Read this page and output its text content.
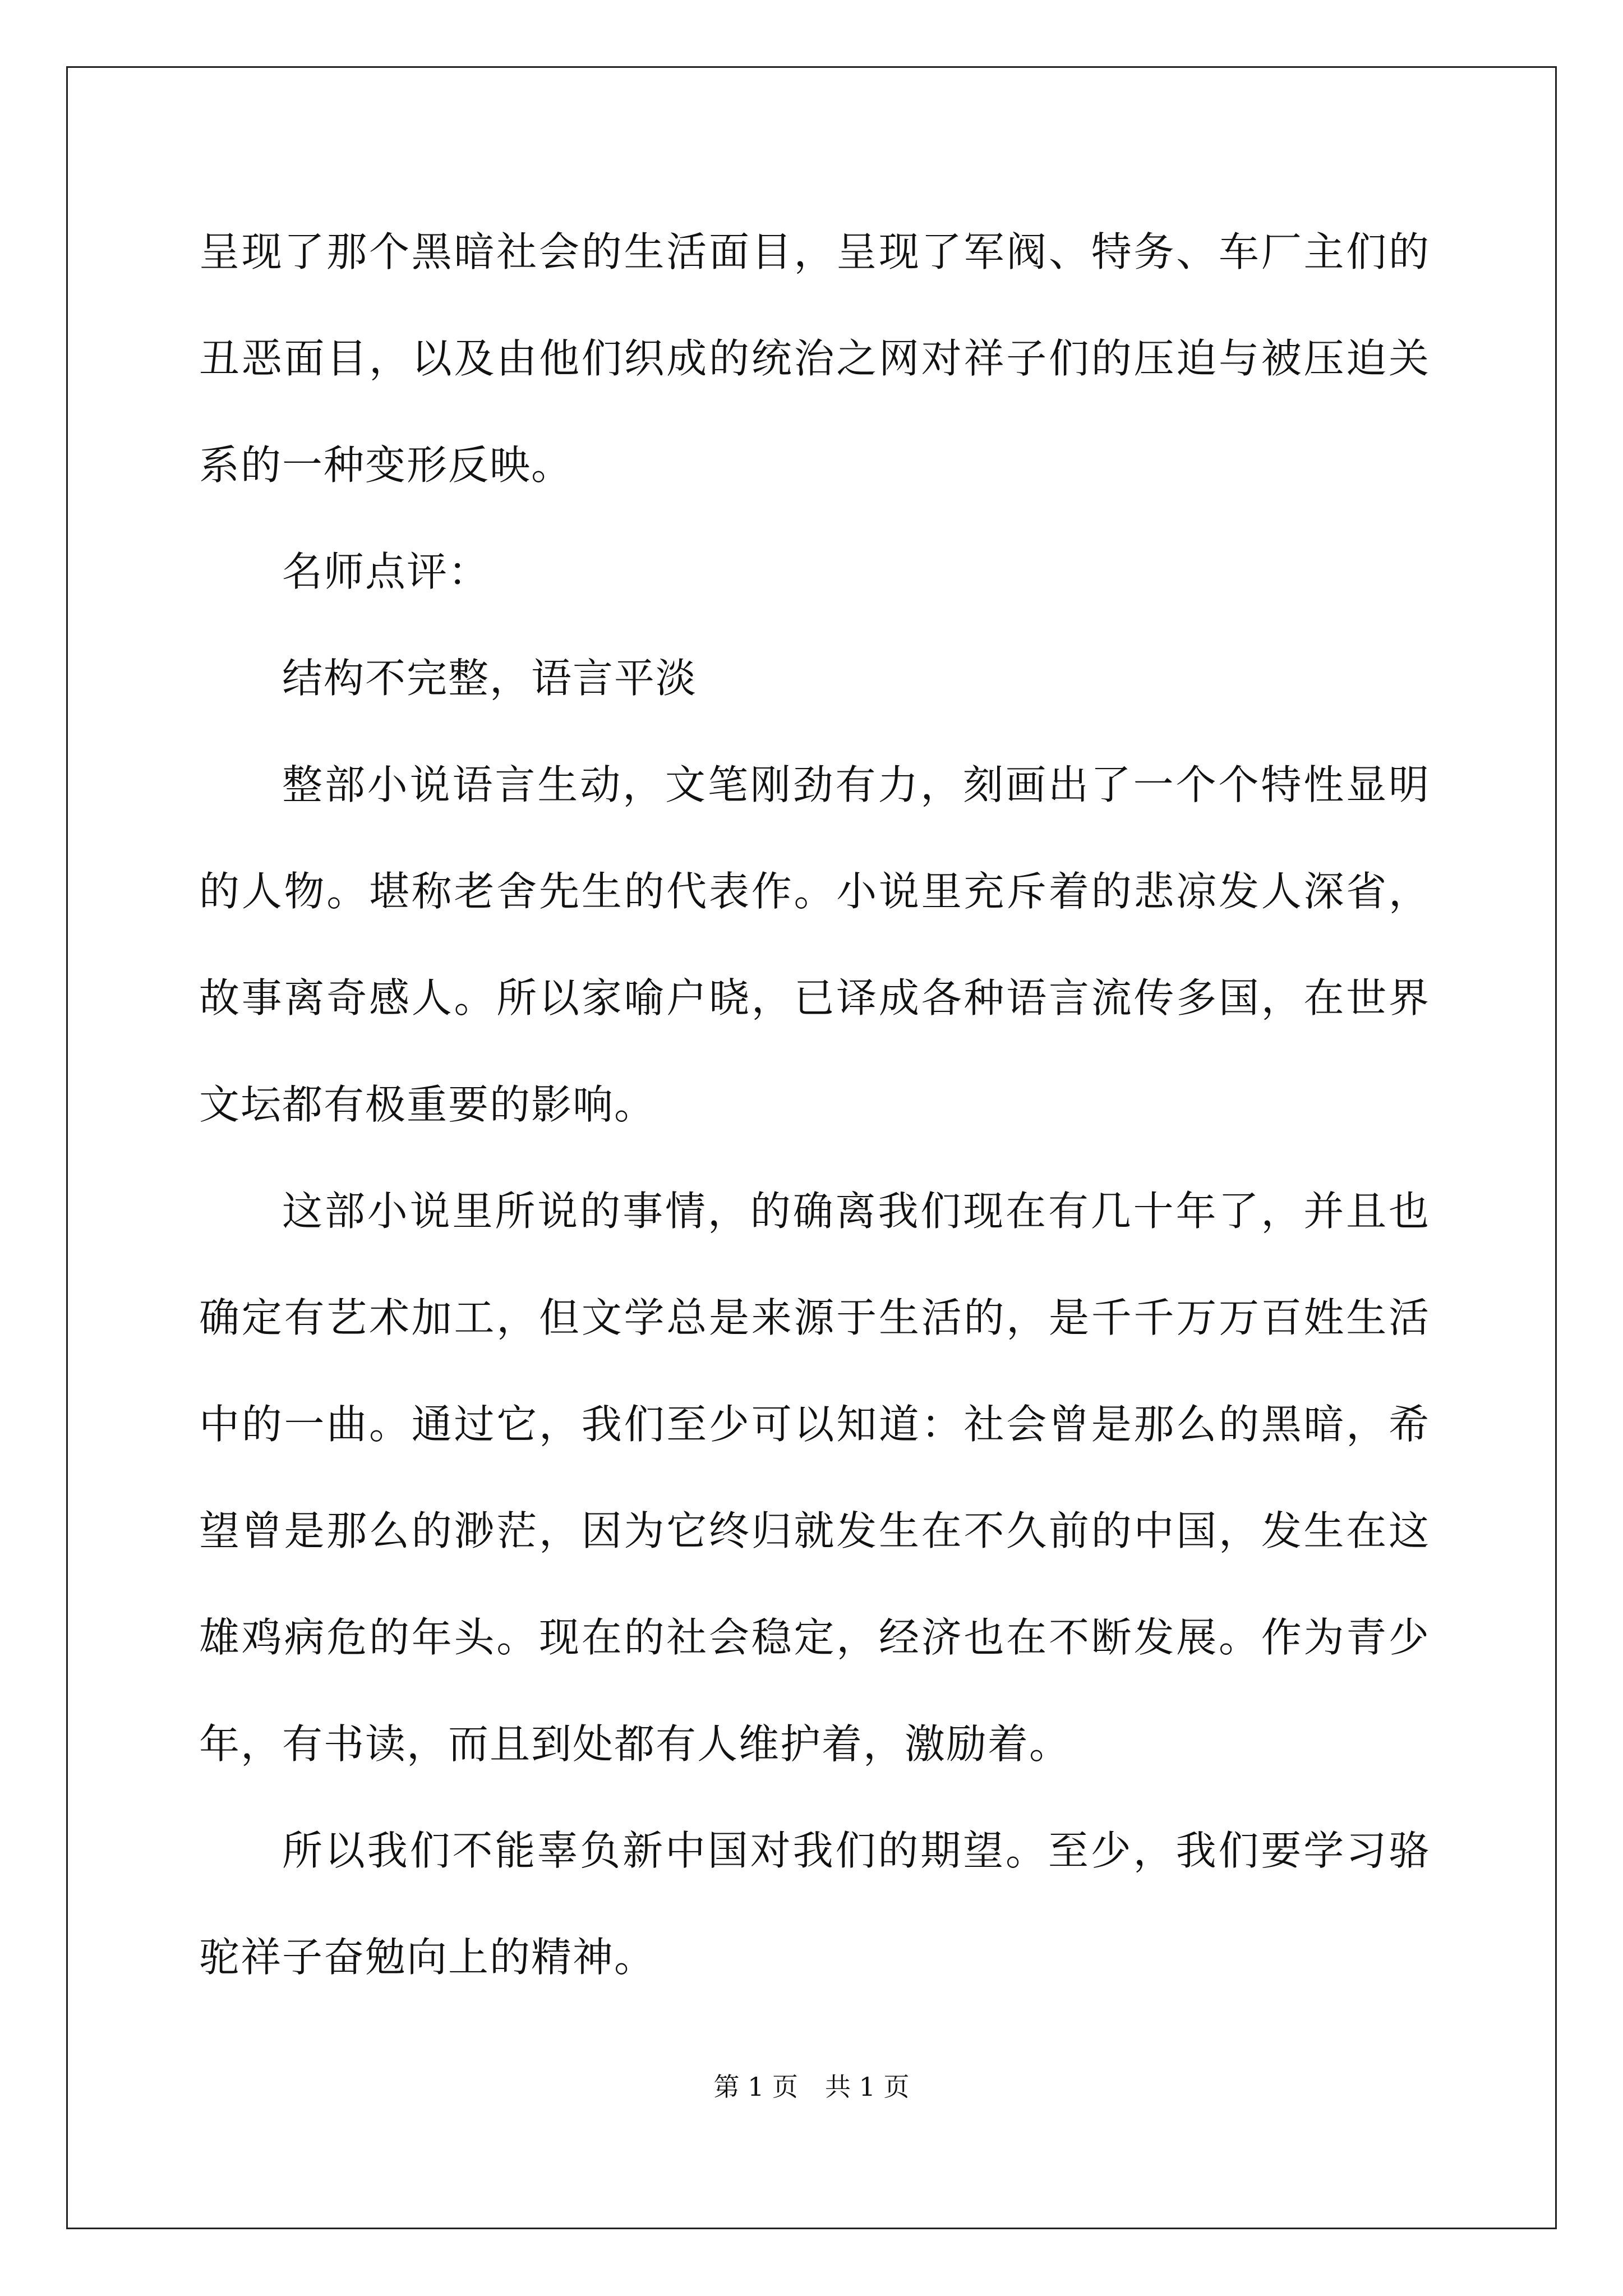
呈现了那个黑暗社会的生活面目，呈现了军阀、特务、车厂主们的丑恶面目，以及由他们织成的统治之网对祥子们的压迫与被压迫关系的一种变形反映。

名师点评：

结构不完整，语言平淡

整部小说语言生动，文笔刚劲有力，刻画出了一个个特性显明的人物。堪称老舍先生的代表作。小说里充斥着的悲凉发人深省，故事离奇感人。所以家喻户晓，已译成各种语言流传多国，在世界文坛都有极重要的影响。

这部小说里所说的事情，的确离我们现在有几十年了，并且也确定有艺术加工，但文学总是来源于生活的，是千千万万百姓生活中的一曲。通过它，我们至少可以知道：社会曾是那么的黑暗，希望曾是那么的渺茫，因为它终归就发生在不久前的中国，发生在这雄鸡病危的年头。现在的社会稳定，经济也在不断发展。作为青少年，有书读，而且到处都有人维护着，激励着。

所以我们不能辜负新中国对我们的期望。至少，我们要学习骆驼祥子奋勉向上的精神。

第 1 页 共 1 页
